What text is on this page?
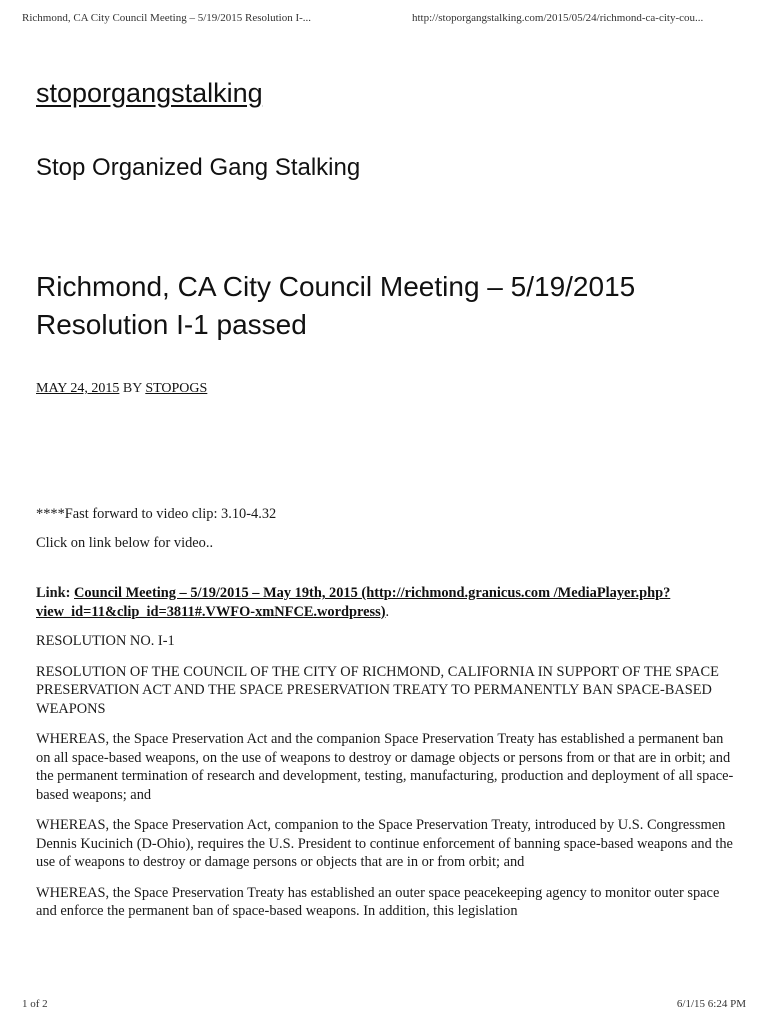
Richmond, CA City Council Meeting – 5/19/2015 Resolution I-...	http://stoporgangstalking.com/2015/05/24/richmond-ca-city-cou...
stoporgangstalking
Stop Organized Gang Stalking
Richmond, CA City Council Meeting – 5/19/2015 Resolution I-1 passed
MAY 24, 2015 BY STOPOGS

****Fast forward to video clip: 3.10-4.32

Click on link below for video..

Link: Council Meeting – 5/19/2015 – May 19th, 2015 (http://richmond.granicus.com /MediaPlayer.php?view_id=11&clip_id=3811#.VWFO-xmNFCE.wordpress).

RESOLUTION NO. I-1

RESOLUTION OF THE COUNCIL OF THE CITY OF RICHMOND, CALIFORNIA IN SUPPORT OF THE SPACE PRESERVATION ACT AND THE SPACE PRESERVATION TREATY TO PERMANENTLY BAN SPACE-BASED WEAPONS

WHEREAS, the Space Preservation Act and the companion Space Preservation Treaty has established a permanent ban on all space-based weapons, on the use of weapons to destroy or damage objects or persons from or that are in orbit; and the permanent termination of research and development, testing, manufacturing, production and deployment of all space-based weapons; and

WHEREAS, the Space Preservation Act, companion to the Space Preservation Treaty, introduced by U.S. Congressmen Dennis Kucinich (D-Ohio), requires the U.S. President to continue enforcement of banning space-based weapons and the use of weapons to destroy or damage persons or objects that are in or from orbit; and

WHEREAS, the Space Preservation Treaty has established an outer space peacekeeping agency to monitor outer space and enforce the permanent ban of space-based weapons. In addition, this legislation

1 of 2	6/1/15 6:24 PM
